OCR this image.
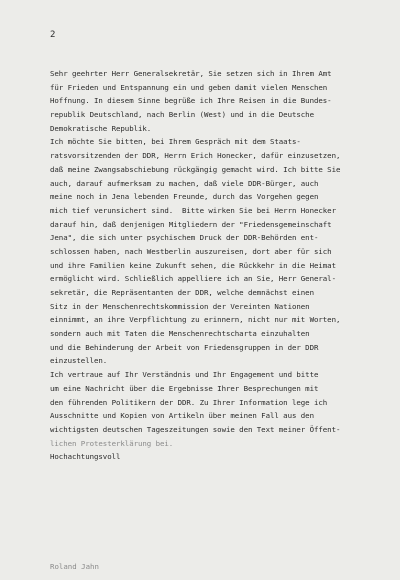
2
Sehr geehrter Herr Generalsekretär, Sie setzen sich in Ihrem Amt
für Frieden und Entspannung ein und geben damit vielen Menschen
Hoffnung. In diesem Sinne begrüße ich Ihre Reisen in die Bundes-
republik Deutschland, nach Berlin (West) und in die Deutsche
Demokratische Republik.
Ich möchte Sie bitten, bei Ihrem Gespräch mit dem Staats-
ratsvorsitzenden der DDR, Herrn Erich Honecker, dafür einzusetzen,
daß meine Zwangsabschiebung rückgängig gemacht wird. Ich bitte Sie
auch, darauf aufmerksam zu machen, daß viele DDR-Bürger, auch
meine noch in Jena lebenden Freunde, durch das Vorgehen gegen
mich tief verunsichert sind.  Bitte wirken Sie bei Herrn Honecker
darauf hin, daß denjenigen Mitgliedern der "Friedensgemeinschaft
Jena", die sich unter psychischem Druck der DDR-Behörden ent-
schlossen haben, nach Westberlin auszureisen, dort aber für sich
und ihre Familien keine Zukunft sehen, die Rückkehr in die Heimat
ermöglicht wird. Schließlich appelliere ich an Sie, Herr General-
sekretär, die Repräsentanten der DDR, welche demnächst einen
Sitz in der Menschenrechtskommission der Vereinten Nationen
einnimmt, an ihre Verpflichtung zu erinnern, nicht nur mit Worten,
sondern auch mit Taten die Menschenrechtscharta einzuhalten
und die Behinderung der Arbeit von Friedensgruppen in der DDR
einzustellen.
Ich vertraue auf Ihr Verständnis und Ihr Engagement und bitte
um eine Nachricht über die Ergebnisse Ihrer Besprechungen mit
den führenden Politikern der DDR. Zu Ihrer Information lege ich
Ausschnitte und Kopien von Artikeln über meinen Fall aus den
wichtigsten deutschen Tageszeitungen sowie den Text meiner Öffent-
lichen Protesterklärung bei.
Hochachtungsvoll
Roland Jahn
